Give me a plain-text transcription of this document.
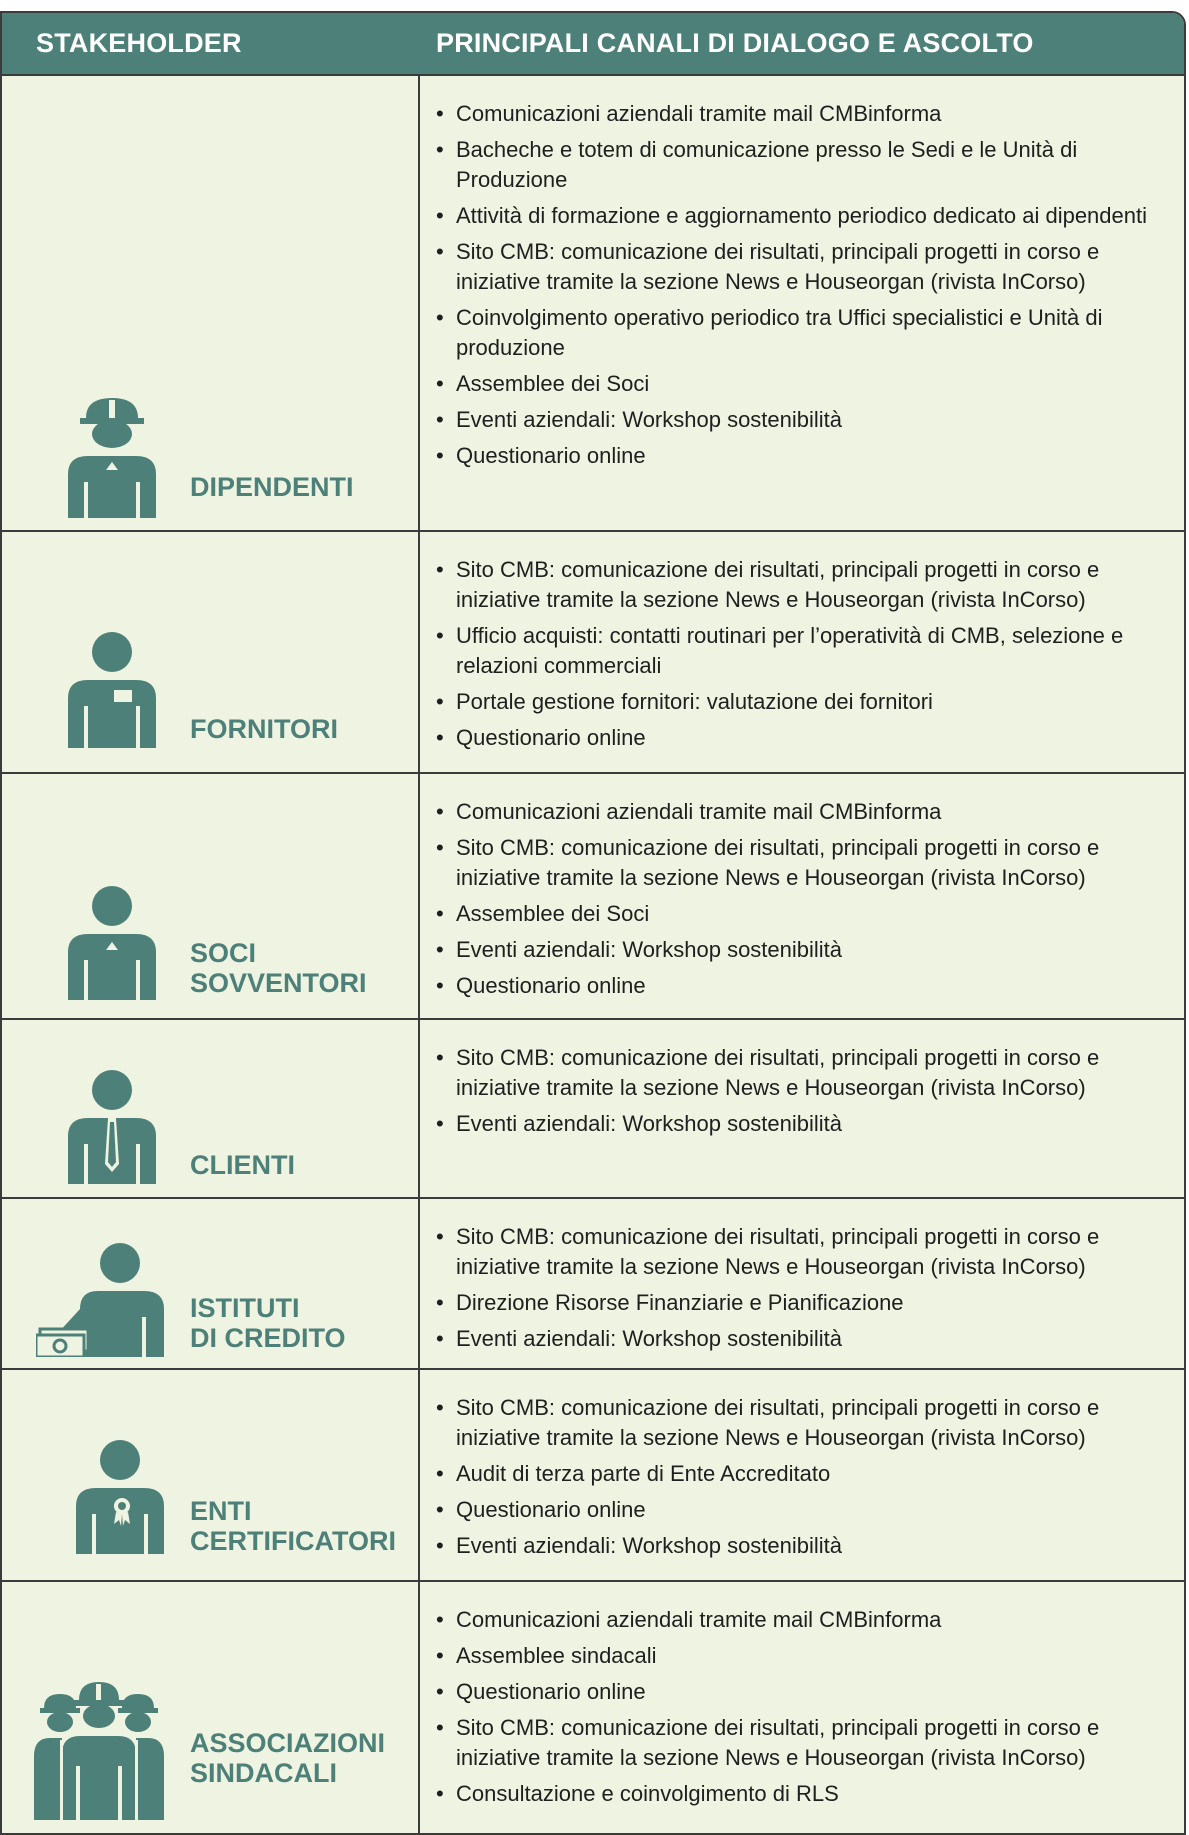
STAKEHOLDER	PRINCIPALI CANALI DI DIALOGO E ASCOLTO
DIPENDENTI
• Comunicazioni aziendali tramite mail CMBinforma
• Bacheche e totem di comunicazione presso le Sedi e le Unità di Produzione
• Attività di formazione e aggiornamento periodico dedicato ai dipendenti
• Sito CMB: comunicazione dei risultati, principali progetti in corso e iniziative tramite la sezione News e Houseorgan (rivista InCorso)
• Coinvolgimento operativo periodico tra Uffici specialistici e Unità di produzione
• Assemblee dei Soci
• Eventi aziendali: Workshop sostenibilità
• Questionario online
FORNITORI
• Sito CMB: comunicazione dei risultati, principali progetti in corso e iniziative tramite la sezione News e Houseorgan (rivista InCorso)
• Ufficio acquisti: contatti routinari per l’operatività di CMB, selezione e relazioni commerciali
• Portale gestione fornitori: valutazione dei fornitori
• Questionario online
SOCI
SOVVENTORI
• Comunicazioni aziendali tramite mail CMBinforma
• Sito CMB: comunicazione dei risultati, principali progetti in corso e iniziative tramite la sezione News e Houseorgan (rivista InCorso)
• Assemblee dei Soci
• Eventi aziendali: Workshop sostenibilità
• Questionario online
CLIENTI
• Sito CMB: comunicazione dei risultati, principali progetti in corso e iniziative tramite la sezione News e Houseorgan (rivista InCorso)
• Eventi aziendali: Workshop sostenibilità
ISTITUTI
DI CREDITO
• Sito CMB: comunicazione dei risultati, principali progetti in corso e iniziative tramite la sezione News e Houseorgan (rivista InCorso)
• Direzione Risorse Finanziarie e Pianificazione
• Eventi aziendali: Workshop sostenibilità
ENTI
CERTIFICATORI
• Sito CMB: comunicazione dei risultati, principali progetti in corso e iniziative tramite la sezione News e Houseorgan (rivista InCorso)
• Audit di terza parte di Ente Accreditato
• Questionario online
• Eventi aziendali: Workshop sostenibilità
ASSOCIAZIONI
SINDACALI
• Comunicazioni aziendali tramite mail CMBinforma
• Assemblee sindacali
• Questionario online
• Sito CMB: comunicazione dei risultati, principali progetti in corso e iniziative tramite la sezione News e Houseorgan (rivista InCorso)
• Consultazione e coinvolgimento di RLS
